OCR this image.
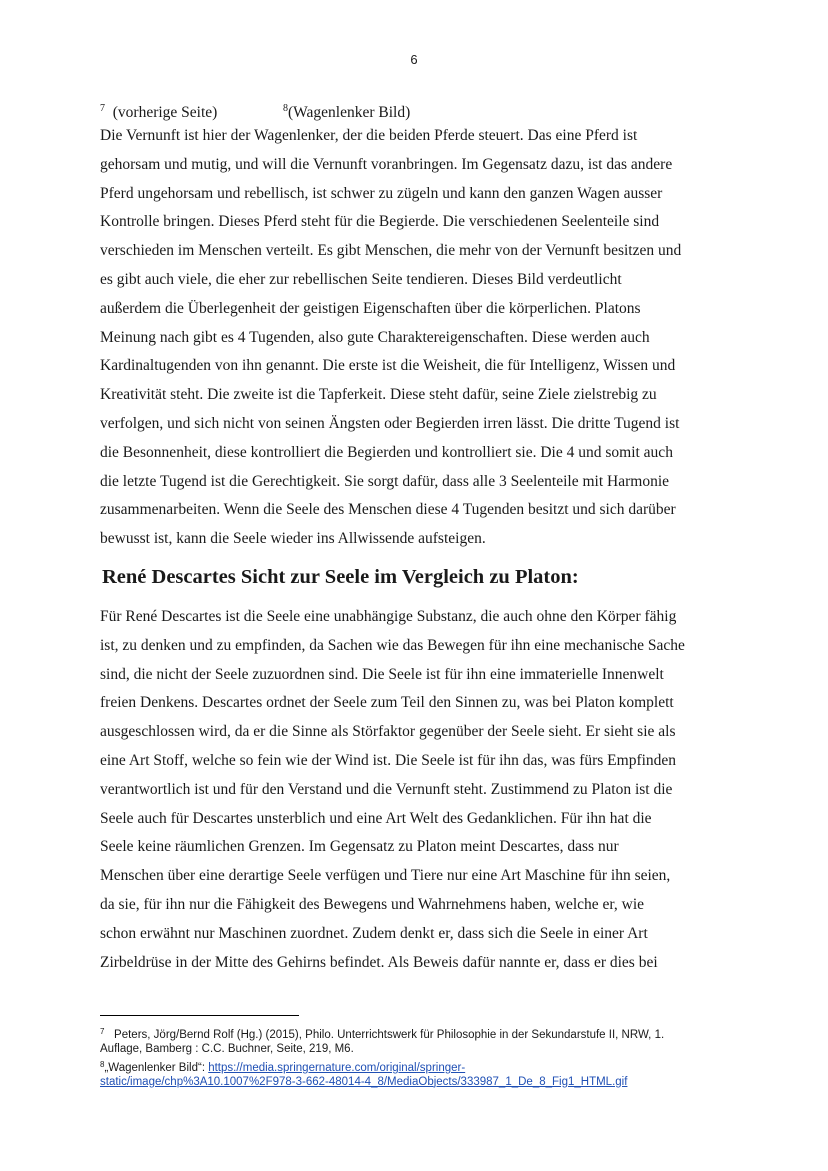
6
$^7$ (vorherige Seite)	$^8$(Wagenlenker Bild)
Die Vernunft ist hier der Wagenlenker, der die beiden Pferde steuert. Das eine Pferd ist
gehorsam und mutig, und will die Vernunft voranbringen. Im Gegensatz dazu, ist das andere
Pferd ungehorsam und rebellisch, ist schwer zu zügeln und kann den ganzen Wagen ausser
Kontrolle bringen. Dieses Pferd steht für die Begierde. Die verschiedenen Seelenteile sind
verschieden im Menschen verteilt. Es gibt Menschen, die mehr von der Vernunft besitzen und
es gibt auch viele, die eher zur rebellischen Seite tendieren. Dieses Bild verdeutlicht
außerdem die Überlegenheit der geistigen Eigenschaften über die körperlichen. Platons
Meinung nach gibt es 4 Tugenden, also gute Charaktereigenschaften. Diese werden auch
Kardinaltugenden von ihn genannt. Die erste ist die Weisheit, die für Intelligenz, Wissen und
Kreativität steht. Die zweite ist die Tapferkeit. Diese steht dafür, seine Ziele zielstrebig zu
verfolgen, und sich nicht von seinen Ängsten oder Begierden irren lässt. Die dritte Tugend ist
die Besonnenheit, diese kontrolliert die Begierden und kontrolliert sie. Die 4 und somit auch
die letzte Tugend ist die Gerechtigkeit. Sie sorgt dafür, dass alle 3 Seelenteile mit Harmonie
zusammenarbeiten. Wenn die Seele des Menschen diese 4 Tugenden besitzt und sich darüber
bewusst ist, kann die Seele wieder ins Allwissende aufsteigen.
René Descartes Sicht zur Seele im Vergleich zu Platon:
Für René Descartes ist die Seele eine unabhängige Substanz, die auch ohne den Körper fähig
ist, zu denken und zu empfinden, da Sachen wie das Bewegen für ihn eine mechanische Sache
sind, die nicht der Seele zuzuordnen sind. Die Seele ist für ihn eine immaterielle Innenwelt
freien Denkens. Descartes ordnet der Seele zum Teil den Sinnen zu, was bei Platon komplett
ausgeschlossen wird, da er die Sinne als Störfaktor gegenüber der Seele sieht. Er sieht sie als
eine Art Stoff, welche so fein wie der Wind ist. Die Seele ist für ihn das, was fürs Empfinden
verantwortlich ist und für den Verstand und die Vernunft steht. Zustimmend zu Platon ist die
Seele auch für Descartes unsterblich und eine Art Welt des Gedanklichen. Für ihn hat die
Seele keine räumlichen Grenzen. Im Gegensatz zu Platon meint Descartes, dass nur
Menschen über eine derartige Seele verfügen und Tiere nur eine Art Maschine für ihn seien,
da sie, für ihn nur die Fähigkeit des Bewegens und Wahrnehmens haben, welche er, wie
schon erwähnt nur Maschinen zuordnet. Zudem denkt er, dass sich die Seele in einer Art
Zirbeldrüse in der Mitte des Gehirns befindet. Als Beweis dafür nannte er, dass er dies bei
$^7$ Peters, Jörg/Bernd Rolf (Hg.) (2015), Philo. Unterrichtswerk für Philosophie in der Sekundarstufe II, NRW, 1.
Auflage, Bamberg : C.C. Buchner, Seite, 219, M6.
$^8$„Wagenlenker Bild“: https://media.springernature.com/original/springer-
static/image/chp%3A10.1007%2F978-3-662-48014-4_8/MediaObjects/333987_1_De_8_Fig1_HTML.gif
